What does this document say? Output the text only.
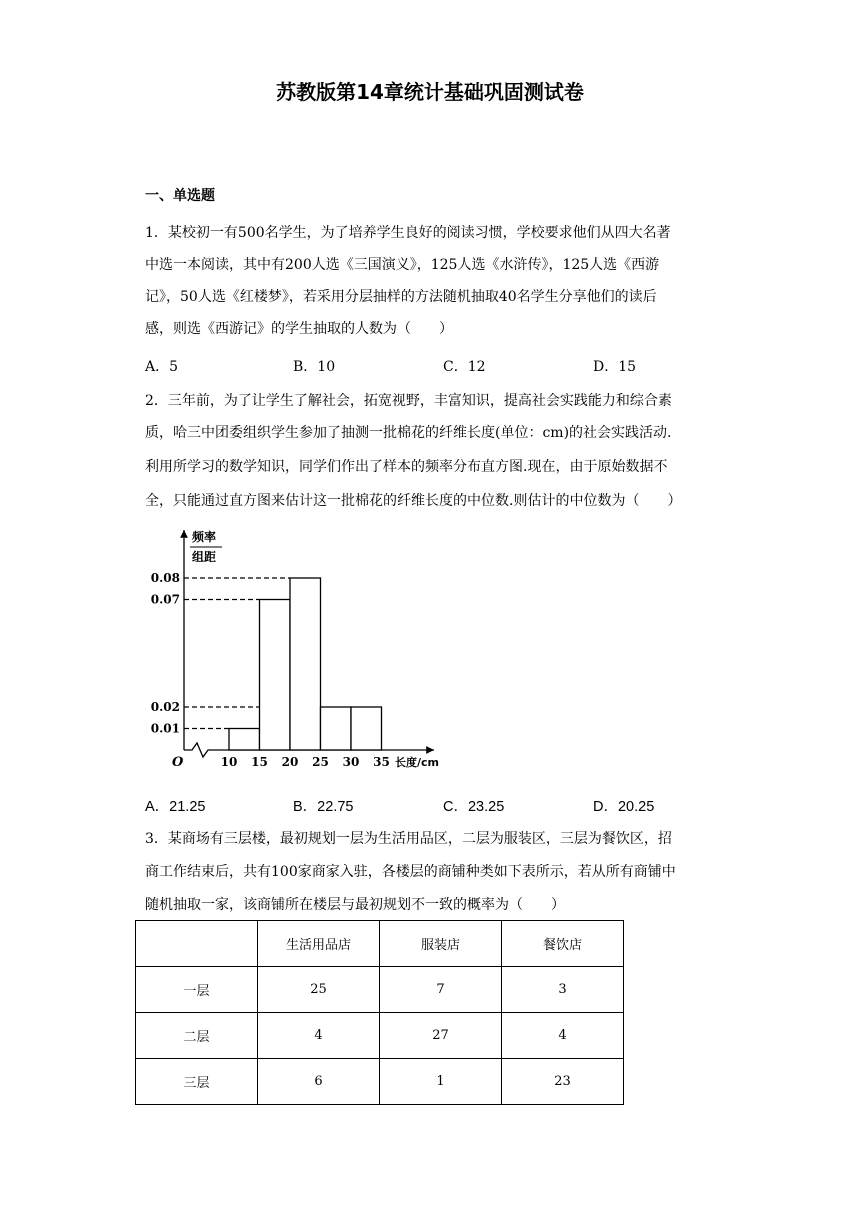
苏教版第14章统计基础巩固测试卷
一、单选题
1．某校初一有500名学生，为了培养学生良好的阅读习惯，学校要求他们从四大名著
中选一本阅读，其中有200人选《三国演义》，125人选《水浒传》，125人选《西游
记》，50人选《红楼梦》，若采用分层抽样的方法随机抽取40名学生分享他们的读后
感，则选《西游记》的学生抽取的人数为（　　）
A．5	B．10	C．12	D．15
2．三年前，为了让学生了解社会，拓宽视野，丰富知识，提高社会实践能力和综合素
质，哈三中团委组织学生参加了抽测一批棉花的纤维长度(单位：cm)的社会实践活动.
利用所学习的数学知识，同学们作出了样本的频率分布直方图.现在，由于原始数据不
全，只能通过直方图来估计这一批棉花的纤维长度的中位数.则估计的中位数为（　　）
0.01
0.02
0.07
0.08
10 15 20 25 30 35
频率
组距
O	长度/cm
A．21.25	B．22.75	C．23.25	D．20.25
3．某商场有三层楼，最初规划一层为生活用品区，二层为服装区，三层为餐饮区，招
商工作结束后，共有100家商家入驻，各楼层的商铺种类如下表所示，若从所有商铺中
随机抽取一家，该商铺所在楼层与最初规划不一致的概率为（　　）
	生活用品店	服装店	餐饮店
一层	25	7	3
二层	4	27	4
三层	6	1	23
